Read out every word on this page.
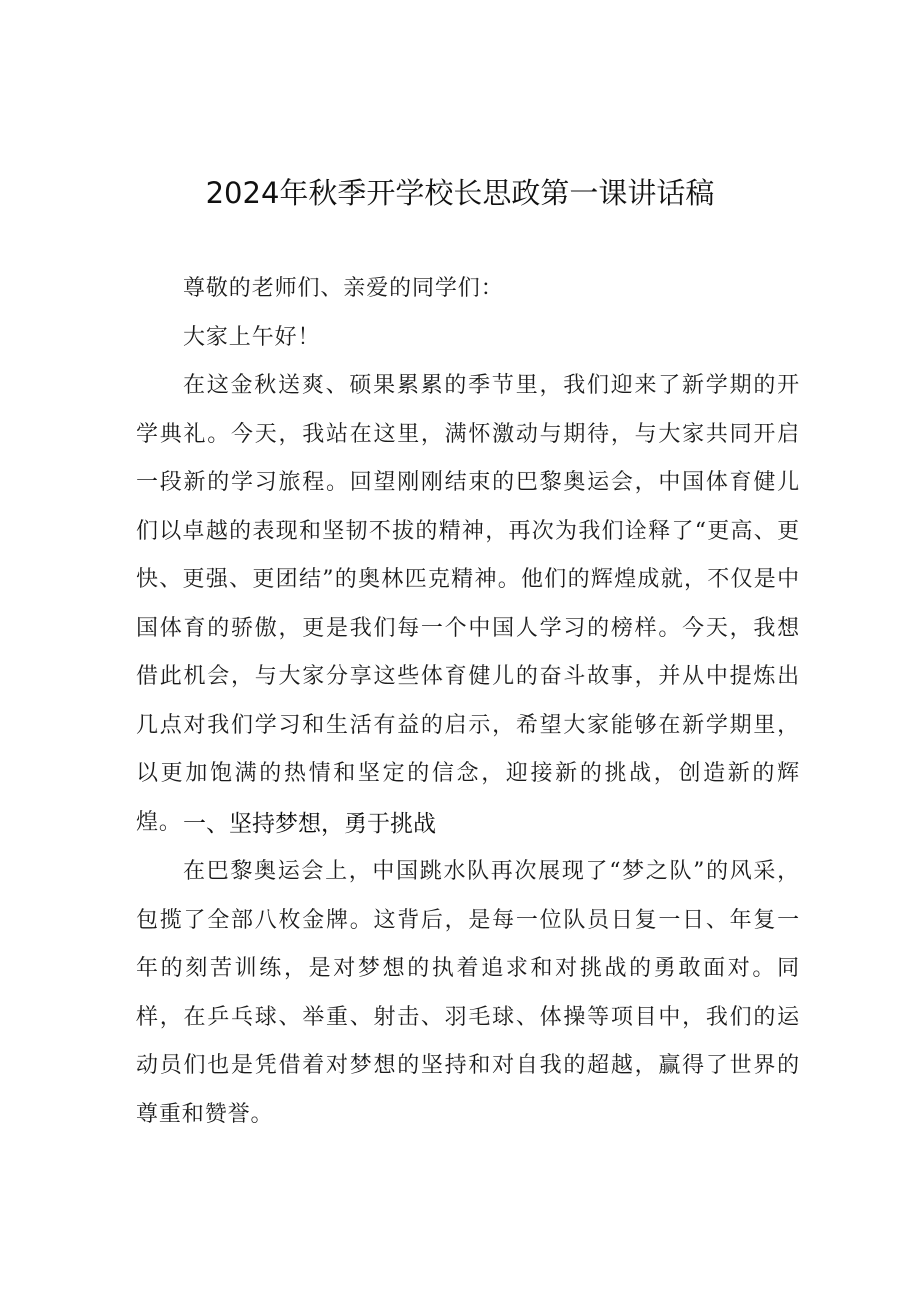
2024年秋季开学校长思政第一课讲话稿

尊敬的老师们、亲爱的同学们：

大家上午好！

在这金秋送爽、硕果累累的季节里，我们迎来了新学期的开学典礼。今天，我站在这里，满怀激动与期待，与大家共同开启一段新的学习旅程。回望刚刚结束的巴黎奥运会，中国体育健儿们以卓越的表现和坚韧不拔的精神，再次为我们诠释了“更高、更快、更强、更团结”的奥林匹克精神。他们的辉煌成就，不仅是中国体育的骄傲，更是我们每一个中国人学习的榜样。今天，我想借此机会，与大家分享这些体育健儿的奋斗故事，并从中提炼出几点对我们学习和生活有益的启示，希望大家能够在新学期里，以更加饱满的热情和坚定的信念，迎接新的挑战，创造新的辉煌。 一、坚持梦想，勇于挑战

在巴黎奥运会上，中国跳水队再次展现了“梦之队”的风采，包揽了全部八枚金牌。这背后，是每一位队员日复一日、年复一年的刻苦训练，是对梦想的执着追求和对挑战的勇敢面对。同样，在乒乓球、举重、射击、羽毛球、体操等项目中，我们的运动员们也是凭借着对梦想的坚持和对自我的超越，赢得了世界的尊重和赞誉。
